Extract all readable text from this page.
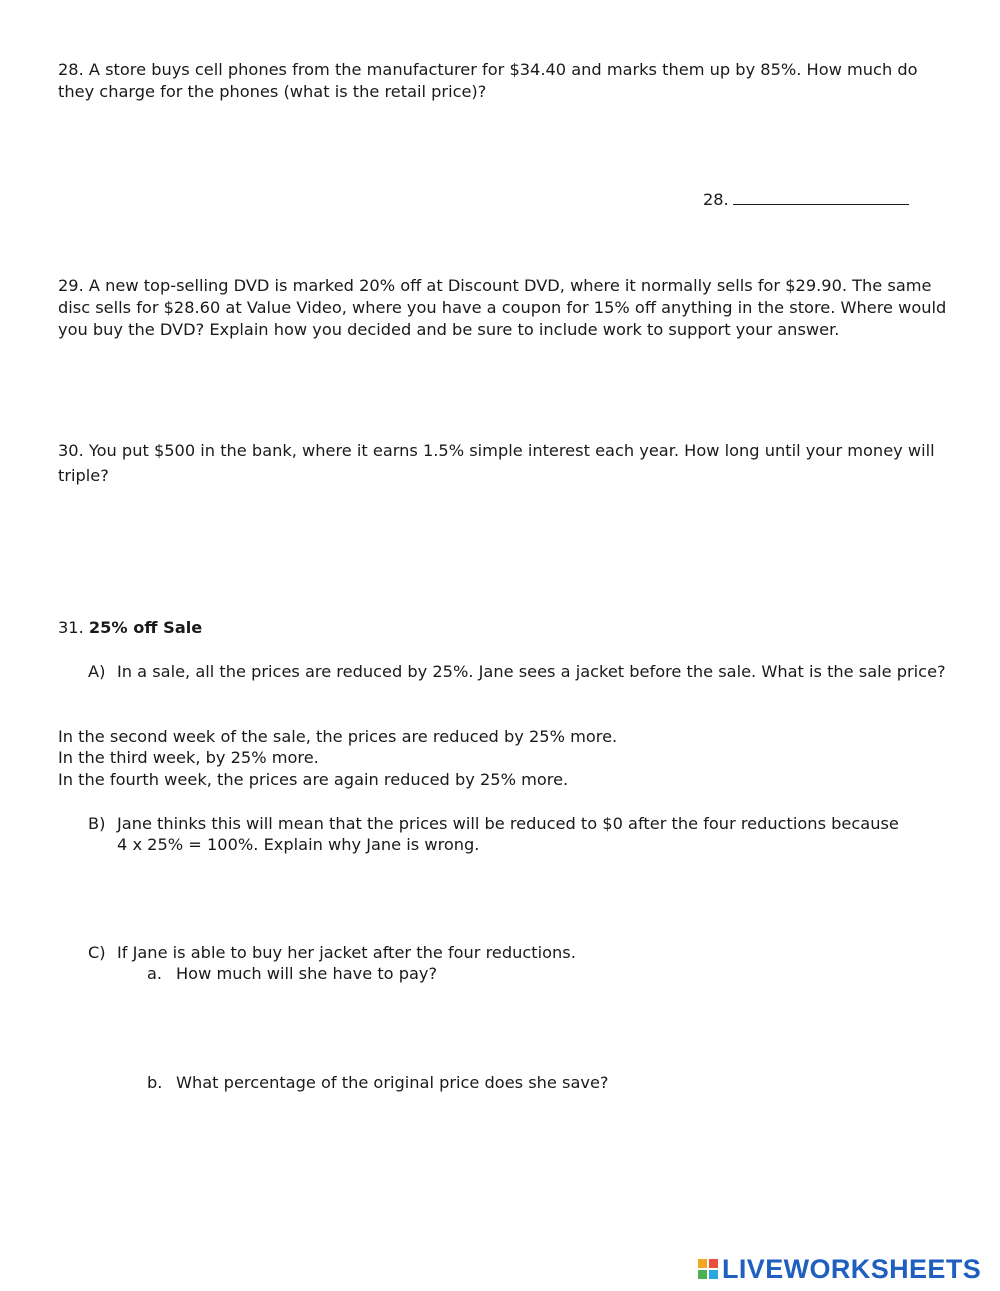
28. A store buys cell phones from the manufacturer for $34.40 and marks them up by 85%. How much do

they charge for the phones (what is the retail price)?

28.

29. A new top-selling DVD is marked 20% off at Discount DVD, where it normally sells for $29.90. The same

disc sells for $28.60 at Value Video, where you have a coupon for 15% off anything in the store. Where would

you buy the DVD? Explain how you decided and be sure to include work to support your answer.

30. You put $500 in the bank, where it earns 1.5% simple interest each year. How long until your money will

triple?

31. 25% off Sale

A) In a sale, all the prices are reduced by 25%. Jane sees a jacket before the sale. What is the sale price?

In the second week of the sale, the prices are reduced by 25% more.

In the third week, by 25% more.

In the fourth week, the prices are again reduced by 25% more.

B) Jane thinks this will mean that the prices will be reduced to $0 after the four reductions because
4 x 25% = 100%. Explain why Jane is wrong.
C) If Jane is able to buy her jacket after the four reductions.
a. How much will she have to pay?
b. What percentage of the original price does she save?
LIVEWORKSHEETS
